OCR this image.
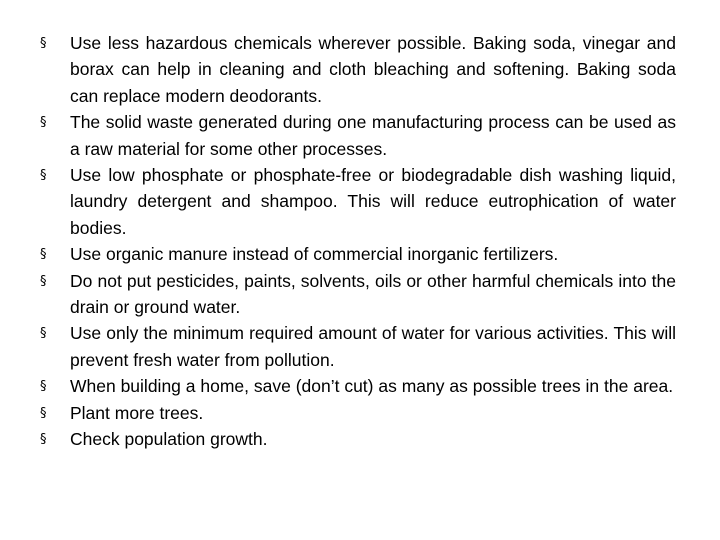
§
Use less hazardous chemicals wherever possible. Baking soda, vinegar and borax can help in cleaning and cloth bleaching and softening. Baking soda can replace modern deodorants.
§
The solid waste generated during one manufacturing process can be used as a raw material for some other processes.
§
Use low phosphate or phosphate-free or biodegradable dish washing liquid, laundry detergent and shampoo. This will reduce eutrophication of water bodies.
§
Use organic manure instead of commercial inorganic fertilizers.
§
Do not put pesticides, paints, solvents, oils or other harmful chemicals into the drain or ground water.
§
Use only the minimum required amount of water for various activities. This will prevent fresh water from pollution.
§
When building a home, save (don’t cut) as many as possible trees in the area.
§
Plant more trees.
§
Check population growth.
